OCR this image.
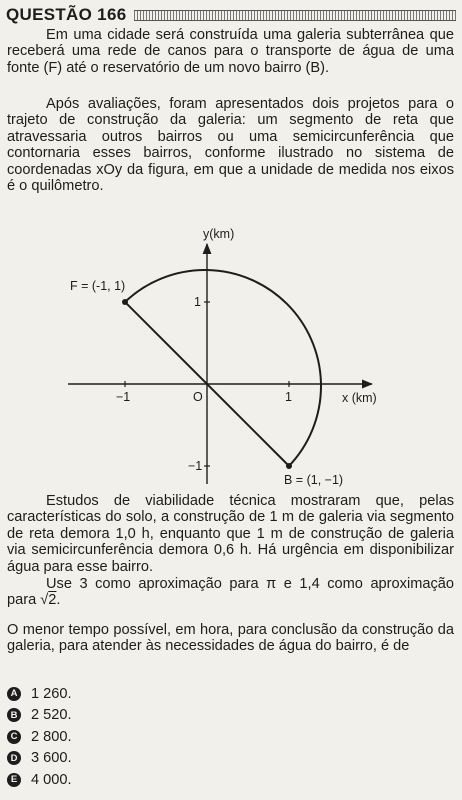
QUESTÃO 166

Em uma cidade será construída uma galeria subterrânea que receberá uma rede de canos para o transporte de água de uma fonte (F) até o reservatório de um novo bairro (B).

Após avaliações, foram apresentados dois projetos para o trajeto de construção da galeria: um segmento de reta que atravessaria outros bairros ou uma semicircunferência que contornaria esses bairros, conforme ilustrado no sistema de coordenadas xOy da figura, em que a unidade de medida nos eixos é o quilômetro.

y(km)
x (km)
O
−1	1
1
−1
F = (-1, 1)
B = (1, −1)

Estudos de viabilidade técnica mostraram que, pelas características do solo, a construção de 1 m de galeria via segmento de reta demora 1,0 h, enquanto que 1 m de construção de galeria via semicircunferência demora 0,6 h. Há urgência em disponibilizar água para esse bairro.

Use 3 como aproximação para π e 1,4 como aproximação para √2.

O menor tempo possível, em hora, para conclusão da construção da galeria, para atender às necessidades de água do bairro, é de

A 1 260.
B 2 520.
C 2 800.
D 3 600.
E 4 000.
